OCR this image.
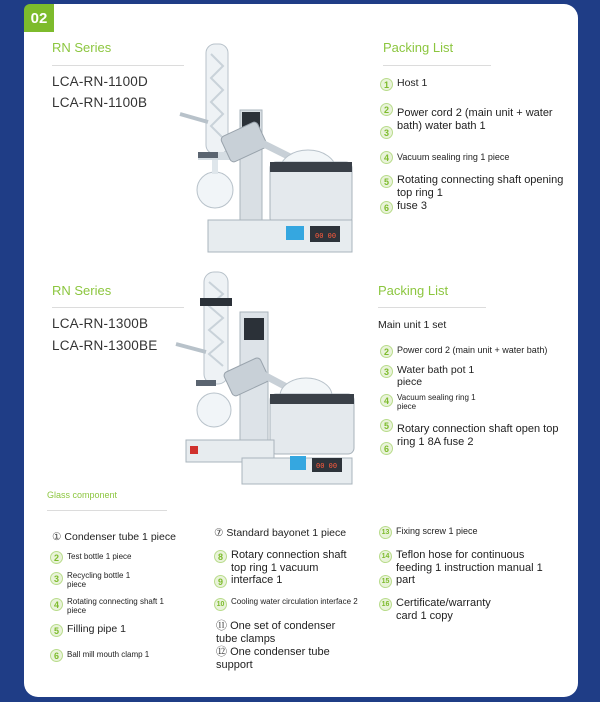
02
RN Series
LCA-RN-1100D
LCA-RN-1100B
Packing List
1 Host 1
2 Power cord 2 (main unit + water bath) water bath 1
3
4 Vacuum sealing ring 1 piece
5 Rotating connecting shaft opening top ring 1
6 fuse 3
00 00
RN Series
LCA-RN-1300B
LCA-RN-1300BE
Packing List
Main unit 1 set
2 Power cord 2 (main unit + water bath)
3 Water bath pot 1 piece
4	Vacuum sealing ring 1 piece
5 Rotary connection shaft open top ring 1 8A fuse 2
6
00 00
Glass component
① Condenser tube 1 piece
2	Test bottle 1 piece
3	Recycling bottle 1 piece
4	Rotating connecting shaft 1 piece
5 Filling pipe 1
6	Ball mill mouth clamp 1
⑦ Standard bayonet 1 piece
8 Rotary connection shaft top ring 1 vacuum
9 interface 1
10 Cooling water circulation interface 2
⑪ One set of condenser tube clamps
⑫ One condenser tube support
13 Fixing screw 1 piece
14 Teflon hose for continuous feeding 1 instruction manual 1
15 part
16 Certificate/warranty card 1 copy
